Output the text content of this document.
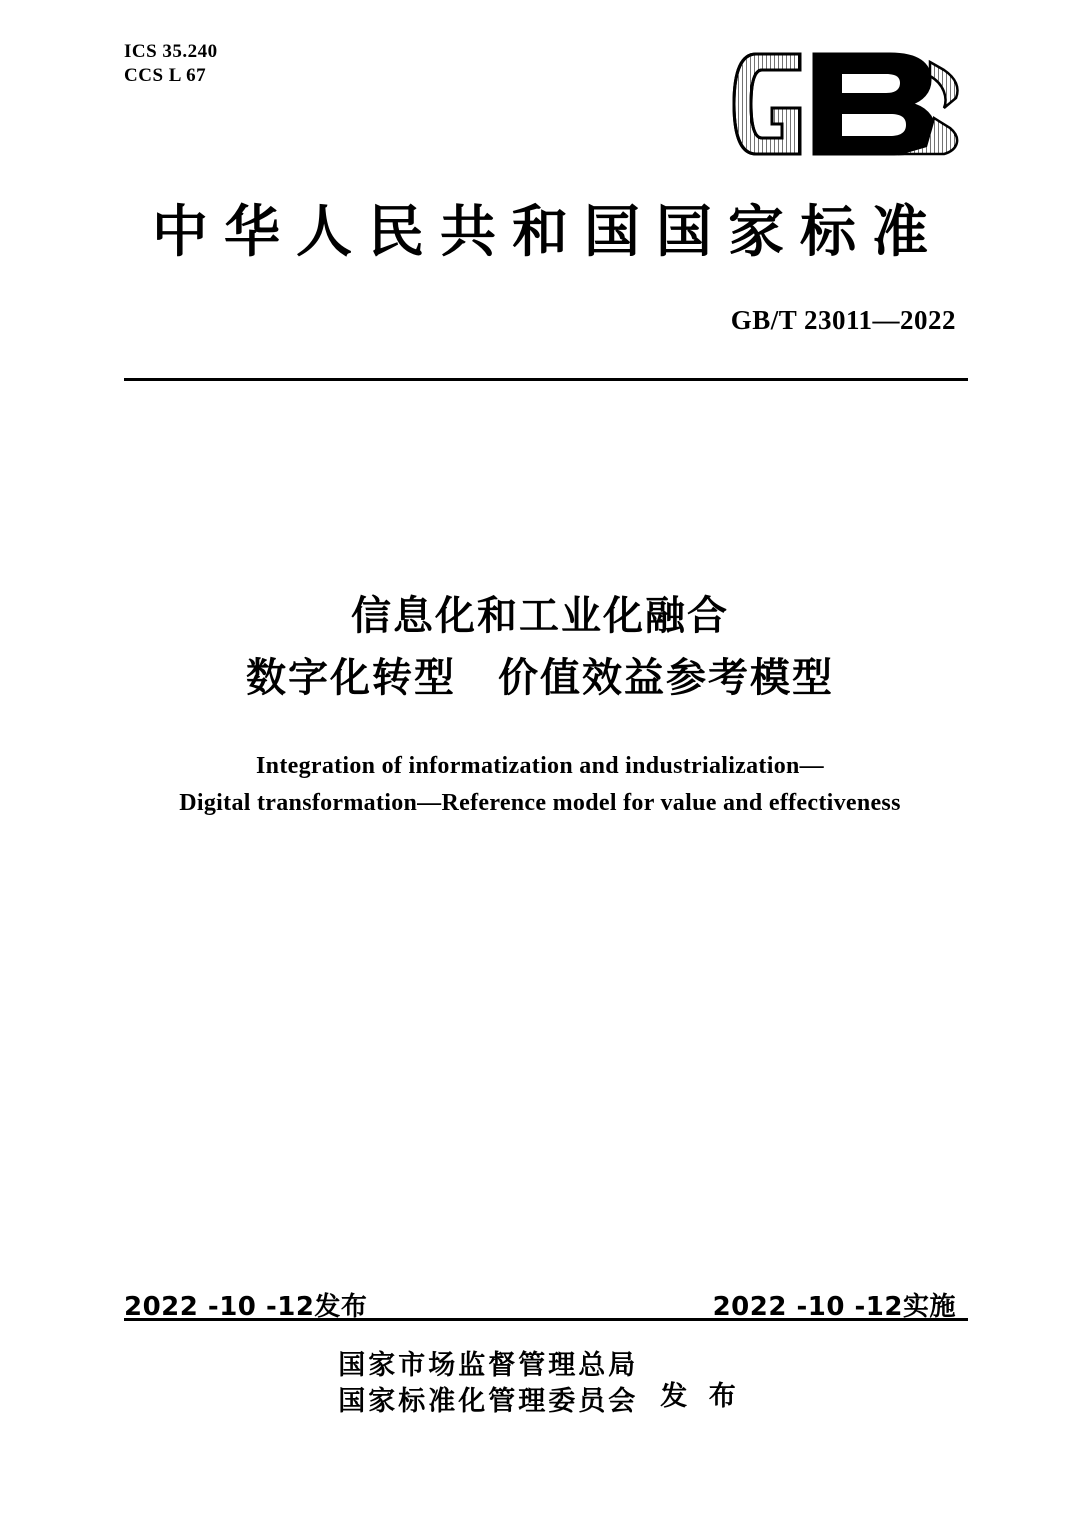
ICS 35.240
CCS L 67
中华人民共和国国家标准
GB/T 23011—2022
信息化和工业化融合
数字化转型　价值效益参考模型
Integration of informatization and industrialization—
Digital transformation—Reference model for value and effectiveness
2022 -10 -12发布	2022 -10 -12实施
国家市场监督管理总局
国家标准化管理委员会 发 布
